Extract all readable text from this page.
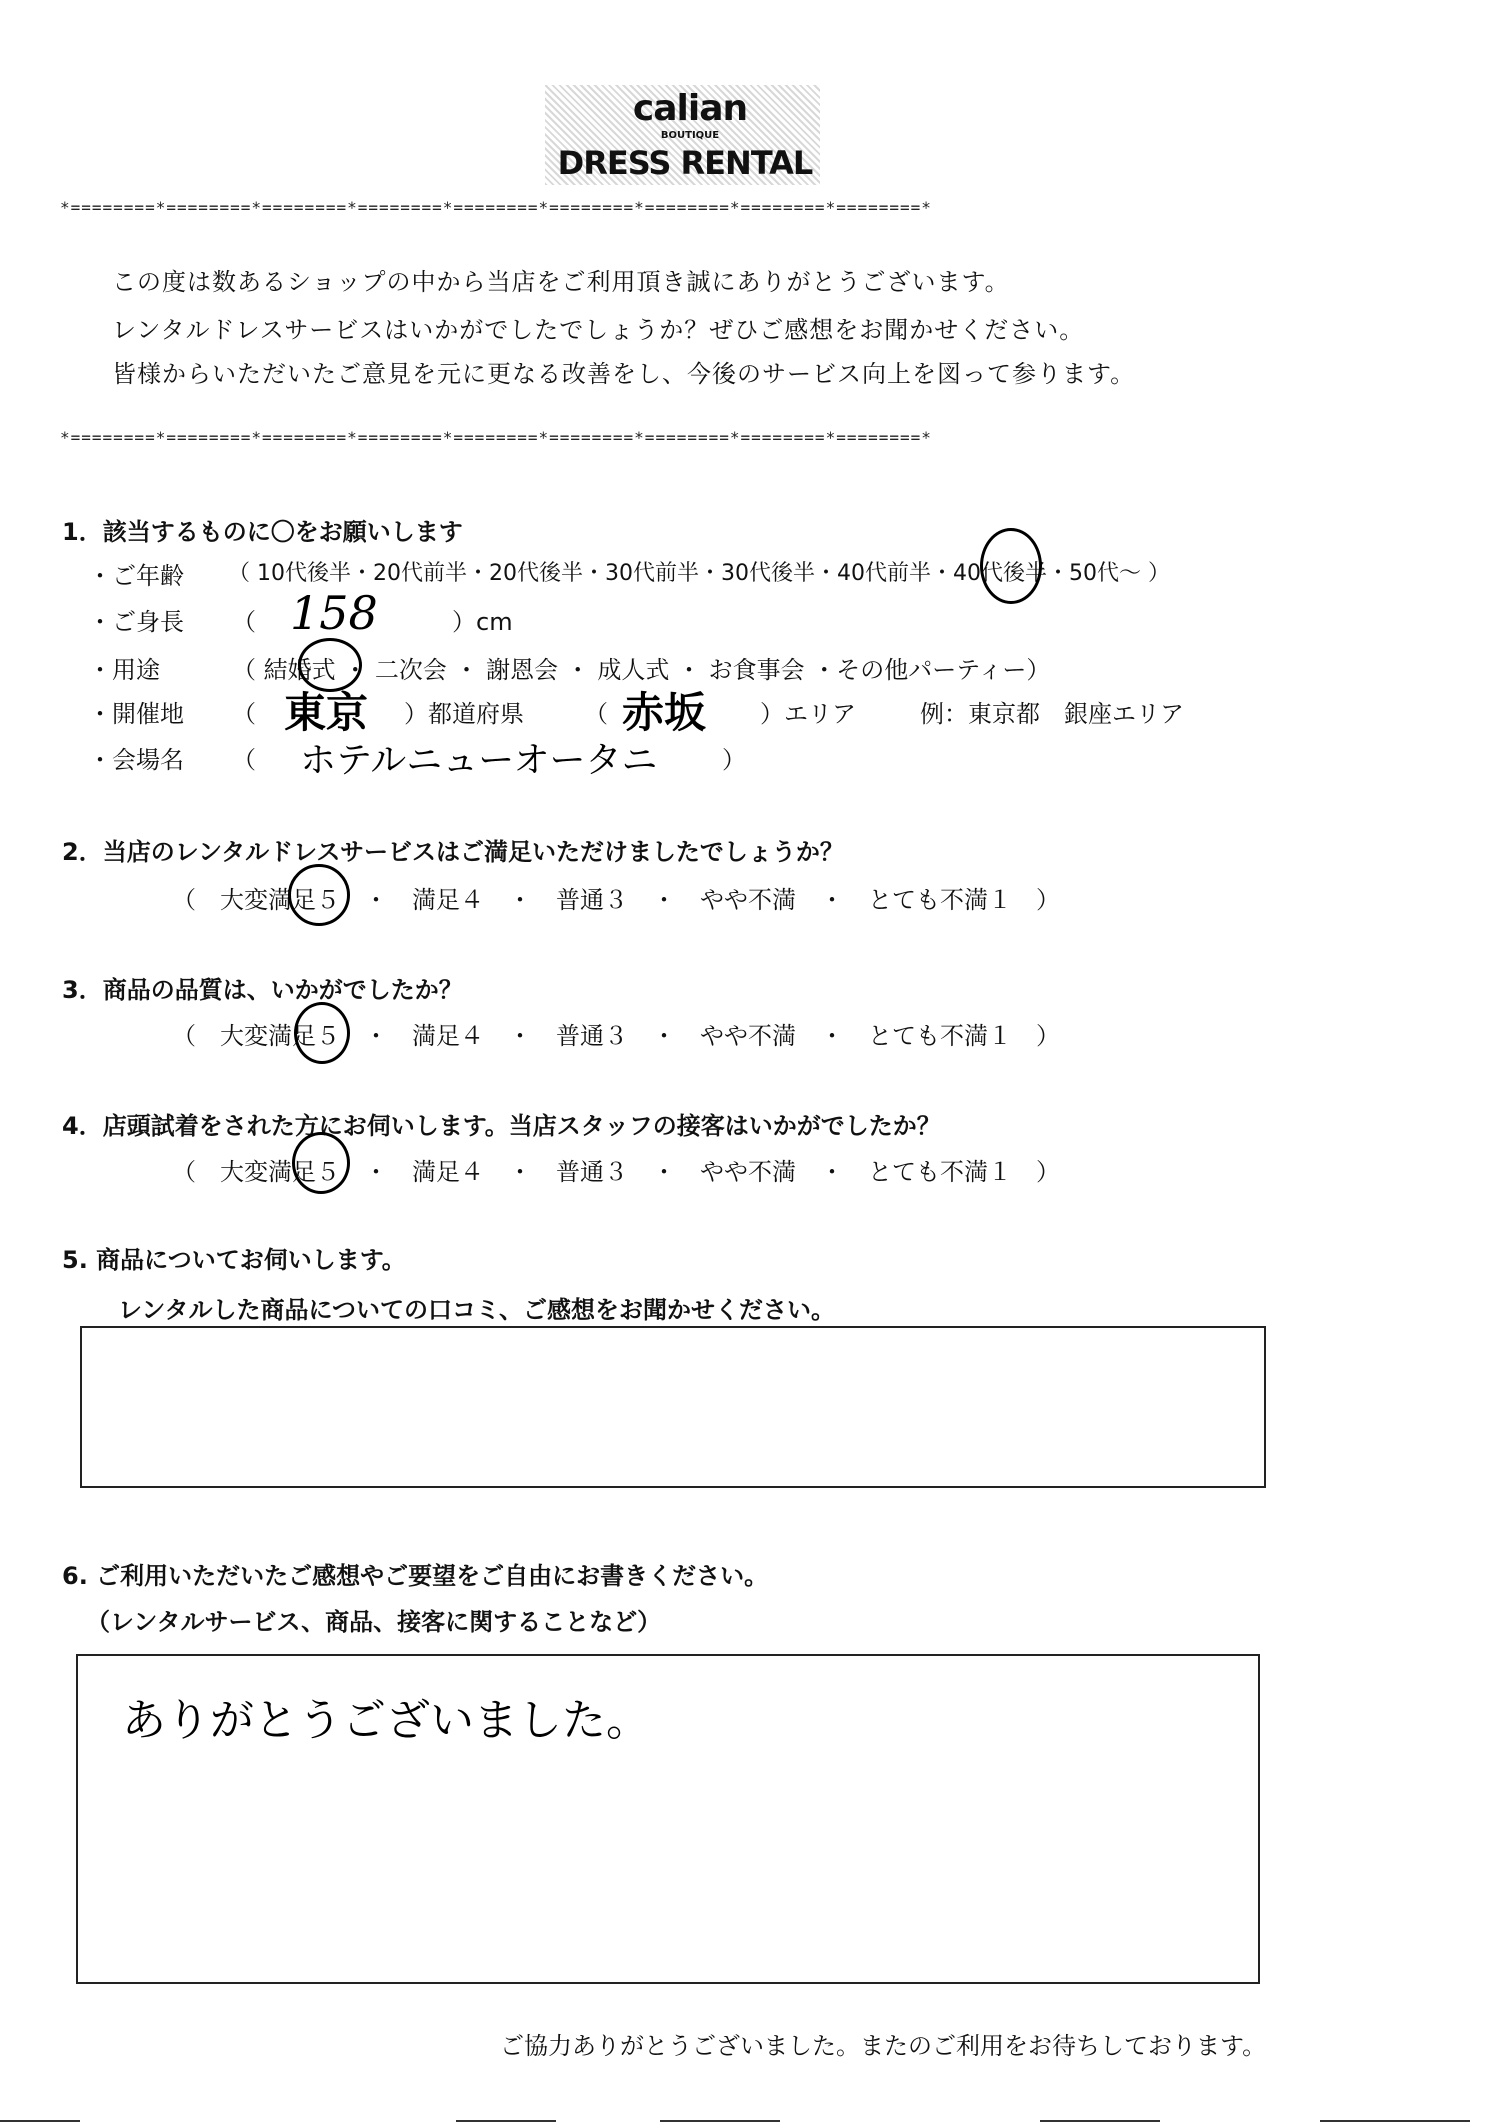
calian
BOUTIQUE
DRESS RENTAL
*========*========*========*========*========*========*========*========*========*
この度は数あるショップの中から当店をご利用頂き誠にありがとうございます。
レンタルドレスサービスはいかがでしたでしょうか？ぜひご感想をお聞かせください。
皆様からいただいたご意見を元に更なる改善をし、今後のサービス向上を図って参ります。
*========*========*========*========*========*========*========*========*========*
1．該当するものに〇をお願いします
・ご年齢 （ 10代後半・20代前半・20代後半・30代前半・30代後半・40代前半・40代後半・50代～ ）
・ご身長 （ 158	）cm
・用途	（ 結婚式 ・ 二次会 ・ 謝恩会 ・ 成人式 ・ お食事会 ・その他パーティー）
・開催地 （ 東京 ）都道府県	（ 赤坂 ）エリア	例：東京都　銀座エリア
・会場名 （ ホテルニューオータニ	）
2．当店のレンタルドレスサービスはご満足いただけましたでしょうか？
（　大変満足５　・　満足４　・　普通３　・　やや不満　・　とても不満１　）
3．商品の品質は、いかがでしたか？
（　大変満足５　・　満足４　・　普通３　・　やや不満　・　とても不満１　）
4．店頭試着をされた方にお伺いします。当店スタッフの接客はいかがでしたか？
（　大変満足５　・　満足４　・　普通３　・　やや不満　・　とても不満１　）
5. 商品についてお伺いします。
レンタルした商品についての口コミ、ご感想をお聞かせください。
6. ご利用いただいたご感想やご要望をご自由にお書きください。
（レンタルサービス、商品、接客に関することなど）
ありがとうございました。
ご協力ありがとうございました。またのご利用をお待ちしております。
